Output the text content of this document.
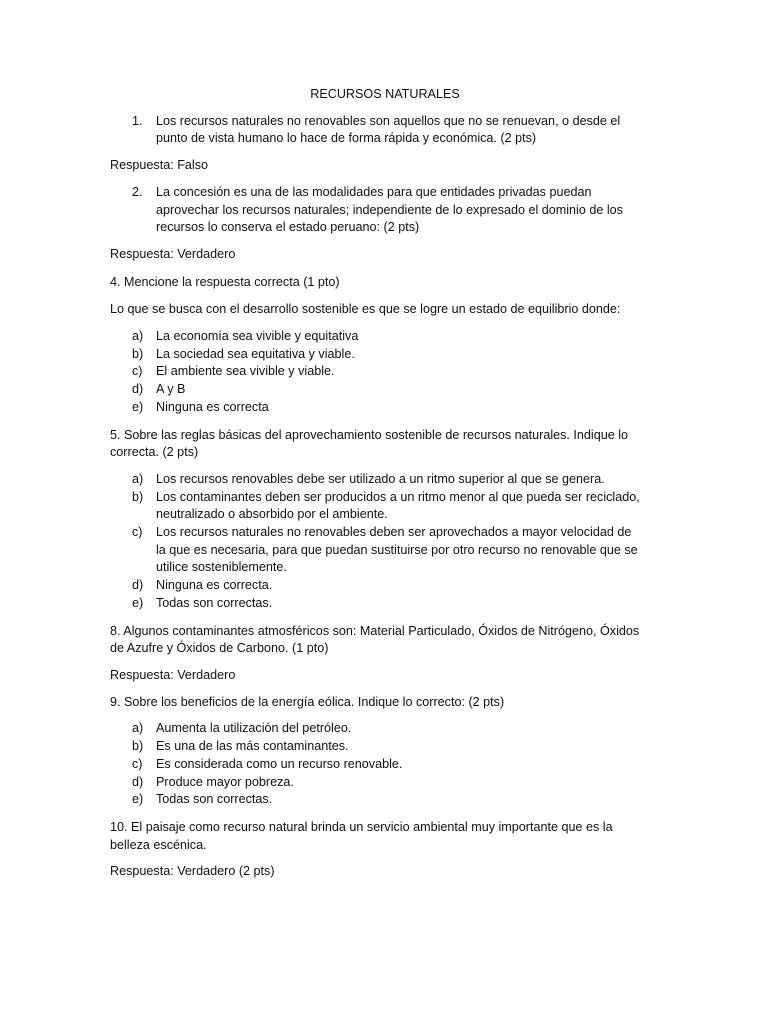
RECURSOS NATURALES
1.	Los recursos naturales no renovables son aquellos que no se renuevan, o desde el punto de vista humano lo hace de forma rápida y económica. (2 pts)

Respuesta: Falso

2.	La concesión es una de las modalidades para que entidades privadas puedan aprovechar los recursos naturales; independiente de lo expresado el dominio de los recursos lo conserva el estado peruano: (2 pts)

Respuesta: Verdadero

4. Mencione la respuesta correcta (1 pto)

Lo que se busca con el desarrollo sostenible es que se logre un estado de equilibrio donde:

a)	La economía sea vivible y equitativa
b)	La sociedad sea equitativa y viable.
c)	El ambiente sea vivible y viable.
d)	A y B
e)	Ninguna es correcta

5. Sobre las reglas básicas del aprovechamiento sostenible de recursos naturales. Indique lo correcta. (2 pts)

a)	Los recursos renovables debe ser utilizado a un ritmo superior al que se genera.
b)	Los contaminantes deben ser producidos a un ritmo menor al que pueda ser reciclado, neutralizado o absorbido por el ambiente.
c)	Los recursos naturales no renovables deben ser aprovechados a mayor velocidad de la que es necesaria, para que puedan sustituirse por otro recurso no renovable que se utilice sosteniblemente.
d)	Ninguna es correcta.
e)	Todas son correctas.

8. Algunos contaminantes atmosféricos son: Material Particulado, Óxidos de Nitrógeno, Óxidos de Azufre y Óxidos de Carbono. (1 pto)

Respuesta: Verdadero

9. Sobre los beneficios de la energía eólica. Indique lo correcto: (2 pts)

a)	Aumenta la utilización del petróleo.
b)	Es una de las más contaminantes.
c)	Es considerada como un recurso renovable.
d)	Produce mayor pobreza.
e)	Todas son correctas.

10. El paisaje como recurso natural brinda un servicio ambiental muy importante que es la belleza escénica.

Respuesta: Verdadero (2 pts)
